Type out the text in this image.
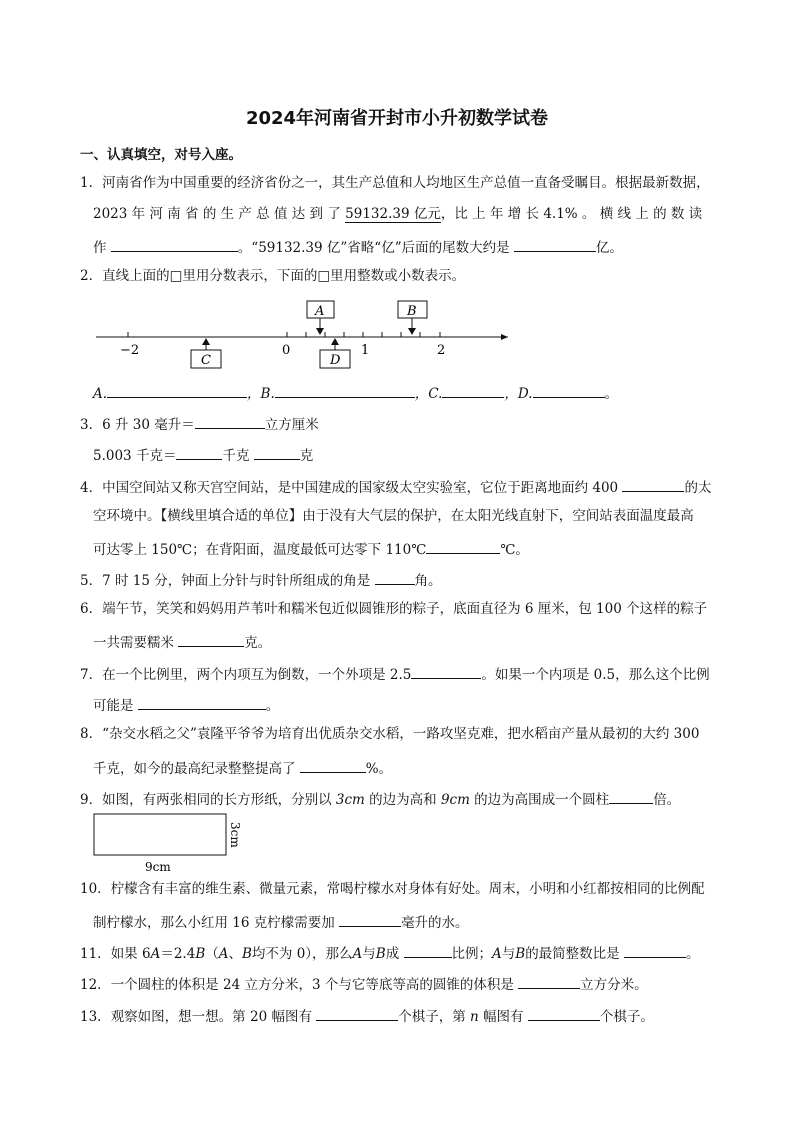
2024年河南省开封市小升初数学试卷
一、认真填空，对号入座。
1．河南省作为中国重要的经济省份之一，其生产总值和人均地区生产总值一直备受瞩目。根据最新数据，
2023 年 河 南 省 的 生 产 总 值 达 到 了 59132.39 亿元，比 上 年 增 长 4.1% 。 横 线 上 的 数 读
作	。“59132.39 亿”省略“亿”后面的尾数大约是	亿。
2．直线上面的□里用分数表示，下面的□里用整数或小数表示。
−2	0	1	2
A	B
C	D
A.	，B.	，C.	，D.	。
3．6 升 30 毫升＝	立方厘米
5.003 千克＝	千克	克
4．中国空间站又称天宫空间站，是中国建成的国家级太空实验室，它位于距离地面约 400	的太
空环境中。【横线里填合适的单位】由于没有大气层的保护，在太阳光线直射下，空间站表面温度最高
可达零上 150℃；在背阳面，温度最低可达零下 110℃	℃。
5．7 时 15 分，钟面上分针与时针所组成的角是	角。
6．端午节，笑笑和妈妈用芦苇叶和糯米包近似圆锥形的粽子，底面直径为 6 厘米，包 100 个这样的粽子
一共需要糯米	克。
7．在一个比例里，两个内项互为倒数，一个外项是 2.5	。如果一个内项是 0.5，那么这个比例
可能是	。
8．“杂交水稻之父”袁隆平爷爷为培育出优质杂交水稻，一路攻坚克难，把水稻亩产量从最初的大约 300
千克，如今的最高纪录整整提高了	%。
9．如图，有两张相同的长方形纸，分别以 3cm 的边为高和 9cm 的边为高围成一个圆柱	倍。
3cm
9cm
10．柠檬含有丰富的维生素、微量元素，常喝柠檬水对身体有好处。周末，小明和小红都按相同的比例配
制柠檬水，那么小红用 16 克柠檬需要加	毫升的水。
11．如果 6A＝2.4B（A、B均不为 0），那么A与B成	比例；A与B的最简整数比是	。
12．一个圆柱的体积是 24 立方分米，3 个与它等底等高的圆锥的体积是	立方分米。
13．观察如图，想一想。第 20 幅图有	个棋子，第 n 幅图有	个棋子。
